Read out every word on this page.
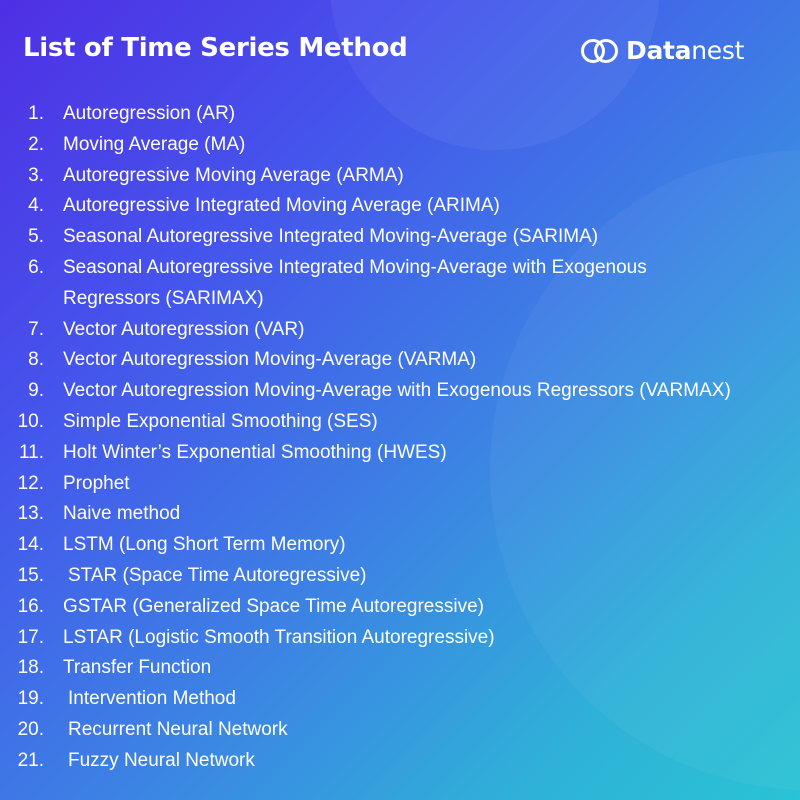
List of Time Series Method	Datanest
1. Autoregression (AR)
2. Moving Average (MA)
3. Autoregressive Moving Average (ARMA)
4. Autoregressive Integrated Moving Average (ARIMA)
5. Seasonal Autoregressive Integrated Moving-Average (SARIMA)
6. Seasonal Autoregressive Integrated Moving-Average with Exogenous
Regressors (SARIMAX)
7. Vector Autoregression (VAR)
8. Vector Autoregression Moving-Average (VARMA)
9. Vector Autoregression Moving-Average with Exogenous Regressors (VARMAX)
10. Simple Exponential Smoothing (SES)
11. Holt Winter’s Exponential Smoothing (HWES)
12. Prophet
13. Naive method
14. LSTM (Long Short Term Memory)
15. STAR (Space Time Autoregressive)
16. GSTAR (Generalized Space Time Autoregressive)
17. LSTAR (Logistic Smooth Transition Autoregressive)
18. Transfer Function
19. Intervention Method
20. Recurrent Neural Network
21. Fuzzy Neural Network
